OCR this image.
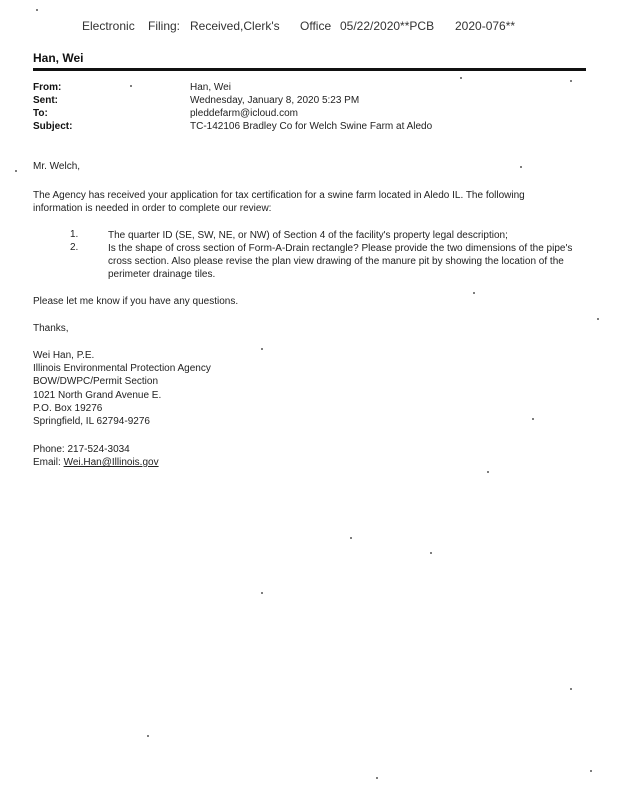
Electronic Filing: Received,Clerk's Office 05/22/2020**PCB 2020-076**
Han, Wei
From:	Han, Wei
Sent:	Wednesday, January 8, 2020 5:23 PM
To:	pleddefarm@icloud.com
Subject:	TC-142106 Bradley Co for Welch Swine Farm at Aledo
Mr. Welch,
The Agency has received your application for tax certification for a swine farm located in Aledo IL. The following information is needed in order to complete our review:
1.	The quarter ID (SE, SW, NE, or NW) of Section 4 of the facility's property legal description;
2.	Is the shape of cross section of Form-A-Drain rectangle? Please provide the two dimensions of the pipe's cross section. Also please revise the plan view drawing of the manure pit by showing the location of the perimeter drainage tiles.
Please let me know if you have any questions.
Thanks,
Wei Han, P.E.
Illinois Environmental Protection Agency
BOW/DWPC/Permit Section
1021 North Grand Avenue E.
P.O. Box 19276
Springfield, IL 62794-9276
Phone: 217-524-3034
Email: Wei.Han@Illinois.gov
